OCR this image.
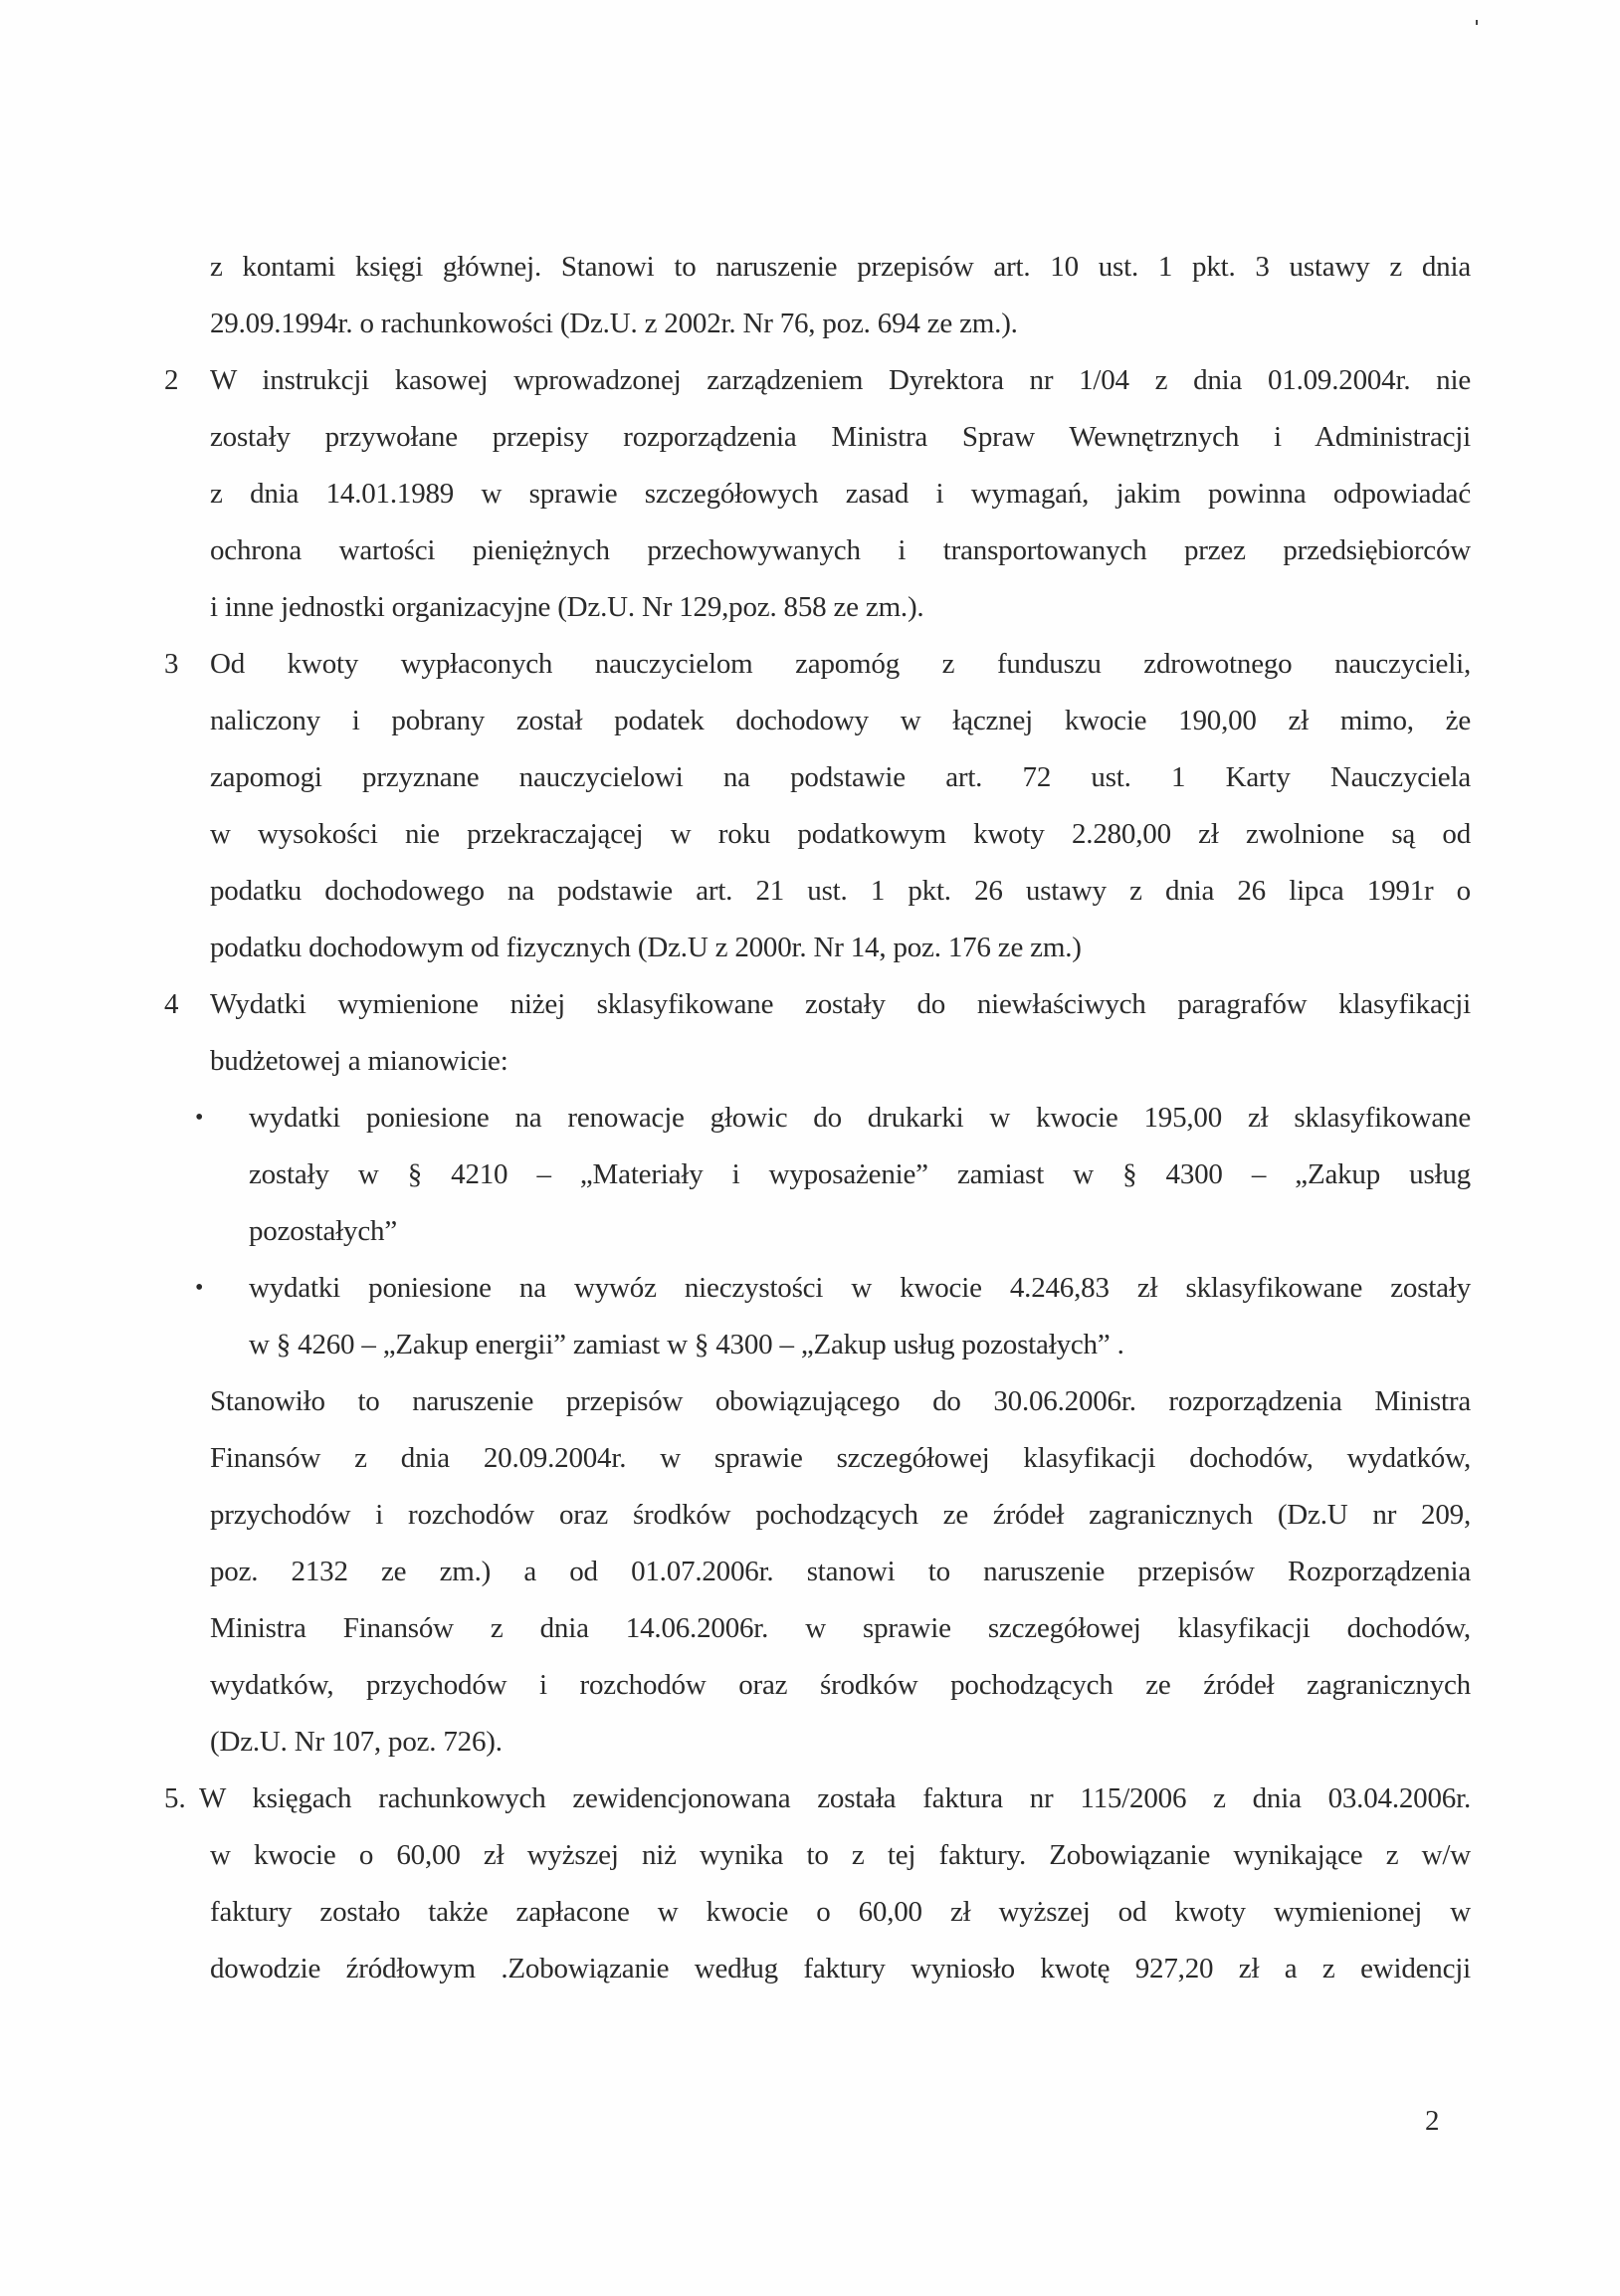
z kontami księgi głównej. Stanowi to naruszenie przepisów art. 10 ust. 1 pkt. 3 ustawy z dnia
29.09.1994r. o rachunkowości (Dz.U. z 2002r. Nr 76, poz. 694 ze zm.).
2 W instrukcji kasowej wprowadzonej zarządzeniem Dyrektora nr 1/04 z dnia 01.09.2004r. nie
zostały przywołane przepisy rozporządzenia Ministra Spraw Wewnętrznych i Administracji
z dnia 14.01.1989 w sprawie szczegółowych zasad i wymagań, jakim powinna odpowiadać
ochrona wartości pieniężnych przechowywanych i transportowanych przez przedsiębiorców
i inne jednostki organizacyjne (Dz.U. Nr 129,poz. 858 ze zm.).
3 Od kwoty wypłaconych nauczycielom zapomóg z funduszu zdrowotnego nauczycieli,
naliczony i pobrany został podatek dochodowy w łącznej kwocie 190,00 zł mimo, że
zapomogi przyznane nauczycielowi na podstawie art. 72 ust. 1 Karty Nauczyciela
w wysokości nie przekraczającej w roku podatkowym kwoty 2.280,00 zł zwolnione są od
podatku dochodowego na podstawie art. 21 ust. 1 pkt. 26 ustawy z dnia 26 lipca 1991r o
podatku dochodowym od fizycznych (Dz.U z 2000r. Nr 14, poz. 176 ze zm.)
4 Wydatki wymienione niżej sklasyfikowane zostały do niewłaściwych paragrafów klasyfikacji
budżetowej a mianowicie:
• wydatki poniesione na renowacje głowic do drukarki w kwocie 195,00 zł sklasyfikowane
zostały w § 4210 – „Materiały i wyposażenie” zamiast w § 4300 – „Zakup usług
pozostałych”
• wydatki poniesione na wywóz nieczystości w kwocie 4.246,83 zł sklasyfikowane zostały
w § 4260 – „Zakup energii” zamiast w § 4300 – „Zakup usług pozostałych” .
Stanowiło to naruszenie przepisów obowiązującego do 30.06.2006r. rozporządzenia Ministra
Finansów z dnia 20.09.2004r. w sprawie szczegółowej klasyfikacji dochodów, wydatków,
przychodów i rozchodów oraz środków pochodzących ze źródeł zagranicznych (Dz.U nr 209,
poz. 2132 ze zm.) a od 01.07.2006r. stanowi to naruszenie przepisów Rozporządzenia
Ministra Finansów z dnia 14.06.2006r. w sprawie szczegółowej klasyfikacji dochodów,
wydatków, przychodów i rozchodów oraz środków pochodzących ze źródeł zagranicznych
(Dz.U. Nr 107, poz. 726).
5. W księgach rachunkowych zewidencjonowana została faktura nr 115/2006 z dnia 03.04.2006r.
w kwocie o 60,00 zł wyższej niż wynika to z tej faktury. Zobowiązanie wynikające z w/w
faktury zostało także zapłacone w kwocie o 60,00 zł wyższej od kwoty wymienionej w
dowodzie źródłowym .Zobowiązanie według faktury wyniosło kwotę 927,20 zł a z ewidencji
2
